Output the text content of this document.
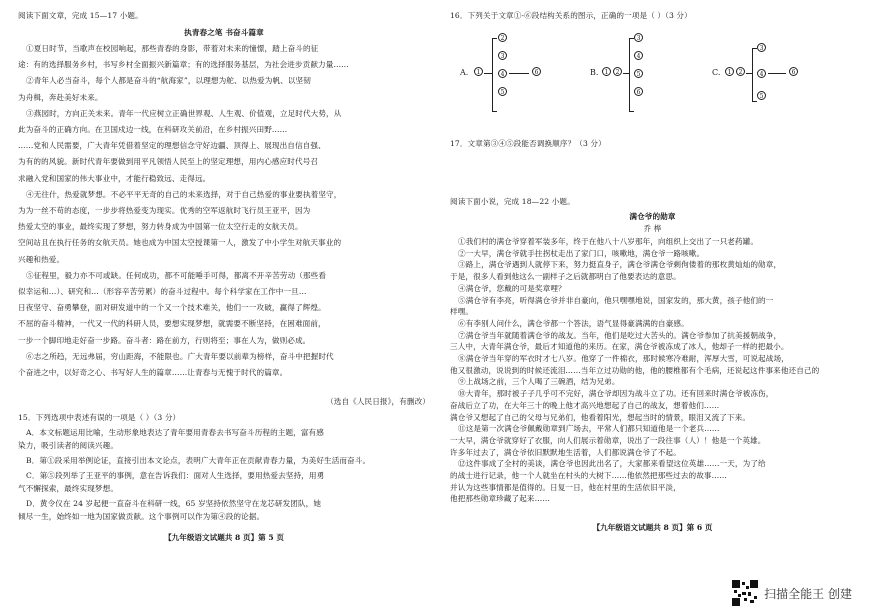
阅读下面文章，完成 15—17 小题。
执青春之笔 书奋斗篇章
①夏日时节，当歌声在校园响起，那些青春的身影，带着对未来的憧憬，踏上奋斗的征
途：有的选择服务乡村，书写乡村全面振兴新篇章；有的选择服务基层，为社会进步贡献力量……
②青年人必当奋斗，每个人都是奋斗的“航海家”，以理想为舵、以热爱为帆、以坚韧
为舟楫，奔赴美好未来。
③燕园时，方向正关未来。青年一代应树立正确世界观、人生观、价值观，立足时代大势，从
此为奋斗的正确方向。在卫国戍边一线，在科研攻关前沿，在乡村振兴田野……
……党和人民需要，广大青年凭借着坚定的理想信念守好边疆、顶得上、展现出自信自强、
为有的的风貌。新时代青年要做到用平凡领悟人民至上的坚定理想，用内心感应时代号召
求融入党和国家的伟大事业中，才能行稳致远、走得远。
④无往什，热爱就梦想。不必平平无奇的自己的未来选择，对于自己热爱的事业要执着坚守，
为为一丝不苟的态度，一步步将热爱变为现实。优秀的空军返航时飞行员王亚平，因为
热爱太空的事业，最终实现了梦想，努力转身成为中国第一位太空行走的女航天员。
空间站且在执行任务的女航天员。她也成为中国太空授课第一人，激发了中小学生对航天事业的
兴趣和热爱。
⑤征程里，毅力亦不可或缺。任何成功，都不可能唾手可得，都离不开辛苦劳动（那些看
似幸运和…）、研究和…（形容辛苦劳累）的奋斗过程中。每个科学家在工作中一旦…
日夜坚守、奋勇攀登，面对研发道中的一个又一个技术难关，他们一一攻破，赢得了辉煌。
不屈的奋斗精神，一代又一代的科研人员，要想实现梦想，就需要不断坚持，在困难面前，
一步一个脚印地走好奋一步路。奋斗者：路在前方，行则将至；事在人为，做则必成。
⑥志之所趋，无远弗届，穷山距海，不能限也。广大青年要以前辈为榜样，奋斗中把握时代
个奋进之中，以好奇之心、书写好人生的篇章……让青春与无愧于时代的篇章。
（选自《人民日报》，有删改）
15．下列选项中表述有误的一项是（ ）（3 分）
A．本文标题运用比喻，生动形象地表达了青年要用青春去书写奋斗历程的主题，富有感
染力，吸引读者的阅读兴趣。
B．第①段采用举例论证，直接引出本文论点，表明广大青年正在贡献青春力量，为美好生活而奋斗。
C．第⑤段列举了王亚平的事例，意在告诉我们：面对人生选择，要用热爱去坚持，用勇
气不懈探索，最终实现梦想。
D．黄令仪在 24 岁起便一直奋斗在科研一线，65 岁坚持依然坚守在龙芯研发团队，她
倾尽一生，始终如一地为国家做贡献。这个事例可以作为第④段的论据。
【九年级语文试题共 8 页】第 5 页
16．下列关于文章①-⑥段结构关系的图示，正确的一项是（ ）（3 分）
A.	1
2
3
4
5
6	B.	1	2
3
4
5
6
C.	1	2
3
4
5
6
17．文章第③④⑤段能否调换顺序？（3 分）
阅读下面小说，完成 18—22 小题。
满仓爷的勋章
乔 桦
①我们村的满仓爷穿着军装多年，终于在他八十八岁那年，向组织上交出了一只老药罐。
②一大早，满仓爷就手拄拐杖走出了家门口，咳嗽地，满仓爷一路咳嗽。
③路上，满仓爷遇到人就停下来，努力挺直身子，满仓爷满仓爷剩佝偻着的那枚黄灿灿的勋章，
于是，很多人看到他这么一副样子之后就都明白了他要表达的意思。
④满仓爷，您戴的可是奖章哩？
⑤满仓爷有李亮，听得满仓爷并非自豪向，他只嘿嘿地说，国家发的，那大黄，孩子他们的一
样嘿。
⑥有李别人问什么，满仓爷都一个答法，语气显得豪满满的自豪感。
⑦满仓爷当年就随着满仓爷的战友。当年，他们是吃过大苦头的。满仓爷参加了抗美援朝战争，
三人中，大青年满仓爷，最后才知道他的来历。在家，满仓爷被冻成了冰人，他却子一样的把最小。
⑧满仓爷当年穿的军衣时才七八岁。他穿了一件棉衣，那时候寒冷难耐，浑厚大雪，可说起战场，
他又很激动，说说到的时候还流泪……当年立过功勋的他，他的腰椎都有个毛病，还说起这件事来他还自己的
⑨上战场之前，三个人喝了三碗酒，结为兄弟。
⑩大青年，那时被子子几乎可不完好，满仓爷却因为战斗立了功。还有回来时满仓爷被冻伤，
奋战后立了功，在大年三十的晚上他才高兴地想起了自己的战友，想着他们……
满仓爷又想起了自己的父母与兄弟们，他看着阳光，想起当时的情景，眼泪又流了下来。
⑪这是第一次满仓爷佩戴勋章到广场去，平常人们都只知道他是一个老兵……
一大早，满仓爷就穿好了衣服，向人们展示着勋章，说出了一段往事（人）！他是一个英雄。
许多年过去了，满仓爷依旧默默地生活着，人们都说满仓爷了不起。
⑫这件事成了全村的美谈，满仓爷也因此出名了，大家都来看望这位英雄……一天，为了给
的战士进行记录，他一个人就坐在村头的大树下……他依然把那些过去的故事……
并认为这些事情都是值得的。日复一日，他在村里的生活依旧平淡，
他把那些勋章珍藏了起来……
【九年级语文试题共 8 页】第 6 页
扫描全能王 创建
